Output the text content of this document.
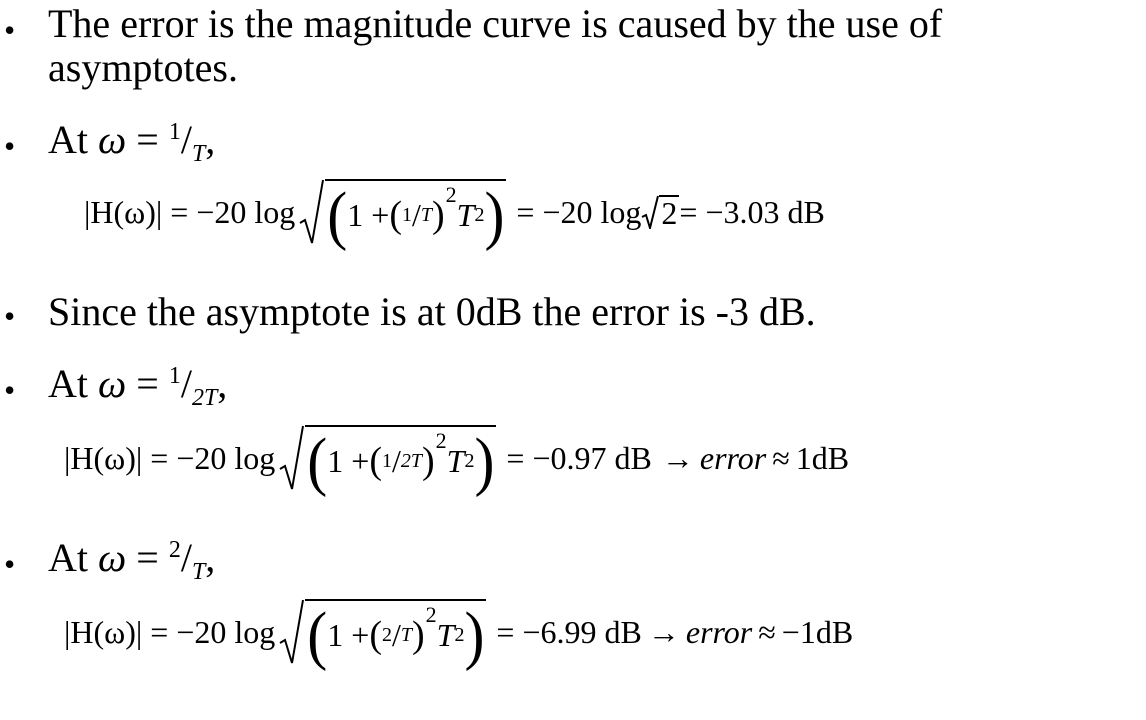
• The error is the magnitude curve is caused by the use of
asymptotes.
• At $\omega = ^1/_T$,
|H(ω)| = −20 log ( 1 + ( 1 / T ) 2
T 2 ) = −20 log 2 = −3.03 dB
• Since the asymptote is at 0dB the error is -3 dB.
• At $\omega = ^1/_{2T}$,
|H(ω)| = −20 log ( 1 + ( 1 / 2T ) 2
T 2 ) = −0.97 dB → error ≈ 1dB
• At $\omega = ^2/_T$,
|H(ω)| = −20 log ( 1 + ( 2 / T ) 2
T 2 ) = −6.99 dB → error ≈ −1dB
